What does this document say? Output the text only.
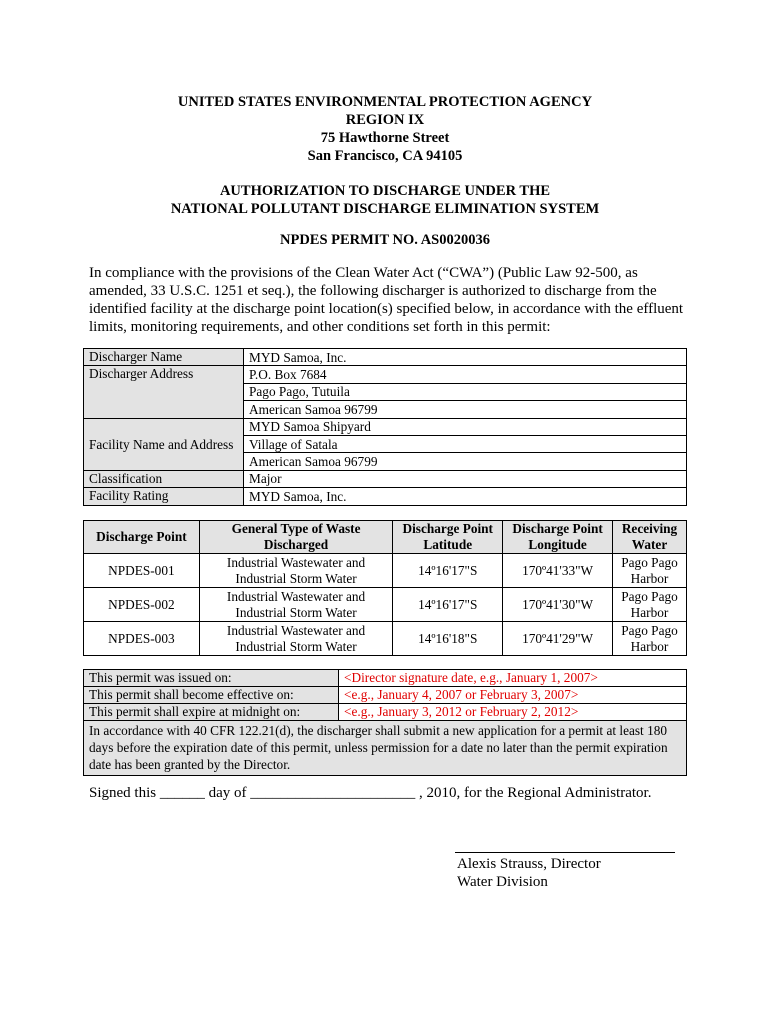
UNITED STATES ENVIRONMENTAL PROTECTION AGENCY
REGION IX
75 Hawthorne Street
San Francisco, CA 94105
AUTHORIZATION TO DISCHARGE UNDER THE
NATIONAL POLLUTANT DISCHARGE ELIMINATION SYSTEM
NPDES PERMIT NO. AS0020036
In compliance with the provisions of the Clean Water Act (“CWA”) (Public Law 92-500, as amended, 33 U.S.C. 1251 et seq.), the following discharger is authorized to discharge from the identified facility at the discharge point location(s) specified below, in accordance with the effluent limits, monitoring requirements, and other conditions set forth in this permit:
Discharger Name	MYD Samoa, Inc.
Discharger Address	P.O. Box 7684
	Pago Pago, Tutuila
	American Samoa 96799
Facility Name and Address	MYD Samoa Shipyard
	Village of Satala
	American Samoa 96799
Classification	Major
Facility Rating	MYD Samoa, Inc.
Discharge Point	General Type of Waste Discharged	Discharge Point Latitude	Discharge Point Longitude	Receiving Water
NPDES-001	Industrial Wastewater and Industrial Storm Water	14º16'17"S	170º41'33"W	Pago Pago Harbor
NPDES-002	Industrial Wastewater and Industrial Storm Water	14º16'17"S	170º41'30"W	Pago Pago Harbor
NPDES-003	Industrial Wastewater and Industrial Storm Water	14º16'18"S	170º41'29"W	Pago Pago Harbor
This permit was issued on:	<Director signature date, e.g., January 1, 2007>
This permit shall become effective on:	<e.g., January 4, 2007 or February 3, 2007>
This permit shall expire at midnight on:	<e.g., January 3, 2012 or February 2, 2012>
In accordance with 40 CFR 122.21(d), the discharger shall submit a new application for a permit at least 180 days before the expiration date of this permit, unless permission for a date no later than the permit expiration date has been granted by the Director.	
Signed this ______ day of ______________________ , 2010, for the Regional Administrator.
Alexis Strauss, Director
Water Division
